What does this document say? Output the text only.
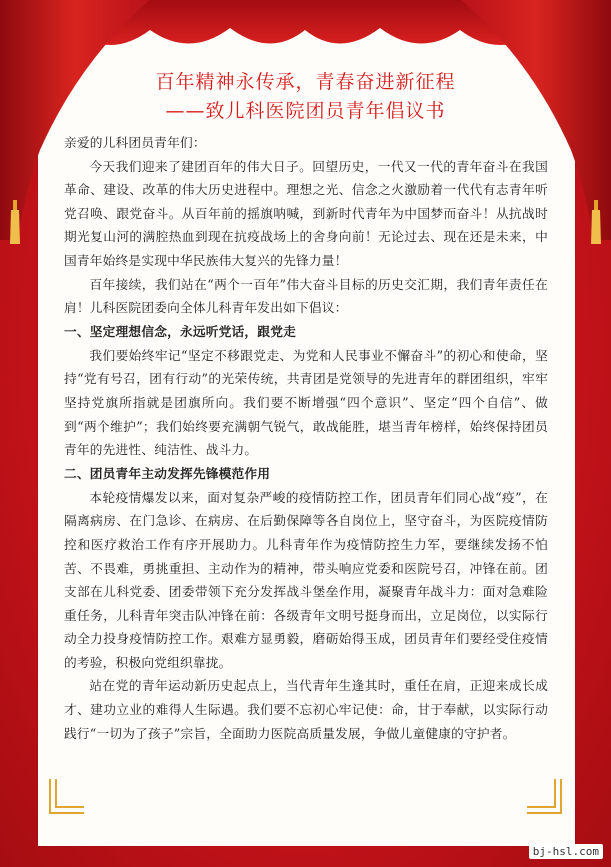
百年精神永传承，青春奋进新征程
——致儿科医院团员青年倡议书

亲爱的儿科团员青年们：

今天我们迎来了建团百年的伟大日子。回望历史，一代又一代的青年奋斗在我国革命、建设、改革的伟大历史进程中。理想之光、信念之火激励着一代代有志青年听党召唤、跟党奋斗。从百年前的摇旗呐喊，到新时代青年为中国梦而奋斗！从抗战时期光复山河的满腔热血到现在抗疫战场上的舍身向前！无论过去、现在还是未来，中国青年始终是实现中华民族伟大复兴的先锋力量！

百年接续，我们站在“两个一百年”伟大奋斗目标的历史交汇期，我们青年责任在肩！儿科医院团委向全体儿科青年发出如下倡议：

一、坚定理想信念，永远听党话，跟党走

我们要始终牢记“坚定不移跟党走、为党和人民事业不懈奋斗”的初心和使命，坚持“党有号召，团有行动”的光荣传统，共青团是党领导的先进青年的群团组织，牢牢坚持党旗所指就是团旗所向。我们要不断增强“四个意识”、坚定“四个自信”、做到“两个维护”；我们始终要充满朝气锐气，敢战能胜，堪当青年榜样，始终保持团员青年的先进性、纯洁性、战斗力。

二、团员青年主动发挥先锋模范作用

本轮疫情爆发以来，面对复杂严峻的疫情防控工作，团员青年们同心战“疫”，在隔离病房、在门急诊、在病房、在后勤保障等各自岗位上，坚守奋斗，为医院疫情防控和医疗救治工作有序开展助力。儿科青年作为疫情防控生力军，要继续发扬不怕苦、不畏难，勇挑重担、主动作为的精神，带头响应党委和医院号召，冲锋在前。团支部在儿科党委、团委带领下充分发挥战斗堡垒作用，凝聚青年战斗力：面对急难险重任务，儿科青年突击队冲锋在前：各级青年文明号挺身而出，立足岗位，以实际行动全力投身疫情防控工作。艰难方显勇毅，磨砺始得玉成，团员青年们要经受住疫情的考验，积极向党组织靠拢。

站在党的青年运动新历史起点上，当代青年生逢其时，重任在肩，正迎来成长成才、建功立业的难得人生际遇。我们要不忘初心牢记使：命，甘于奉献，以实际行动践行“一切为了孩子”宗旨，全面助力医院高质量发展，争做儿童健康的守护者。

bj-hsl.com
